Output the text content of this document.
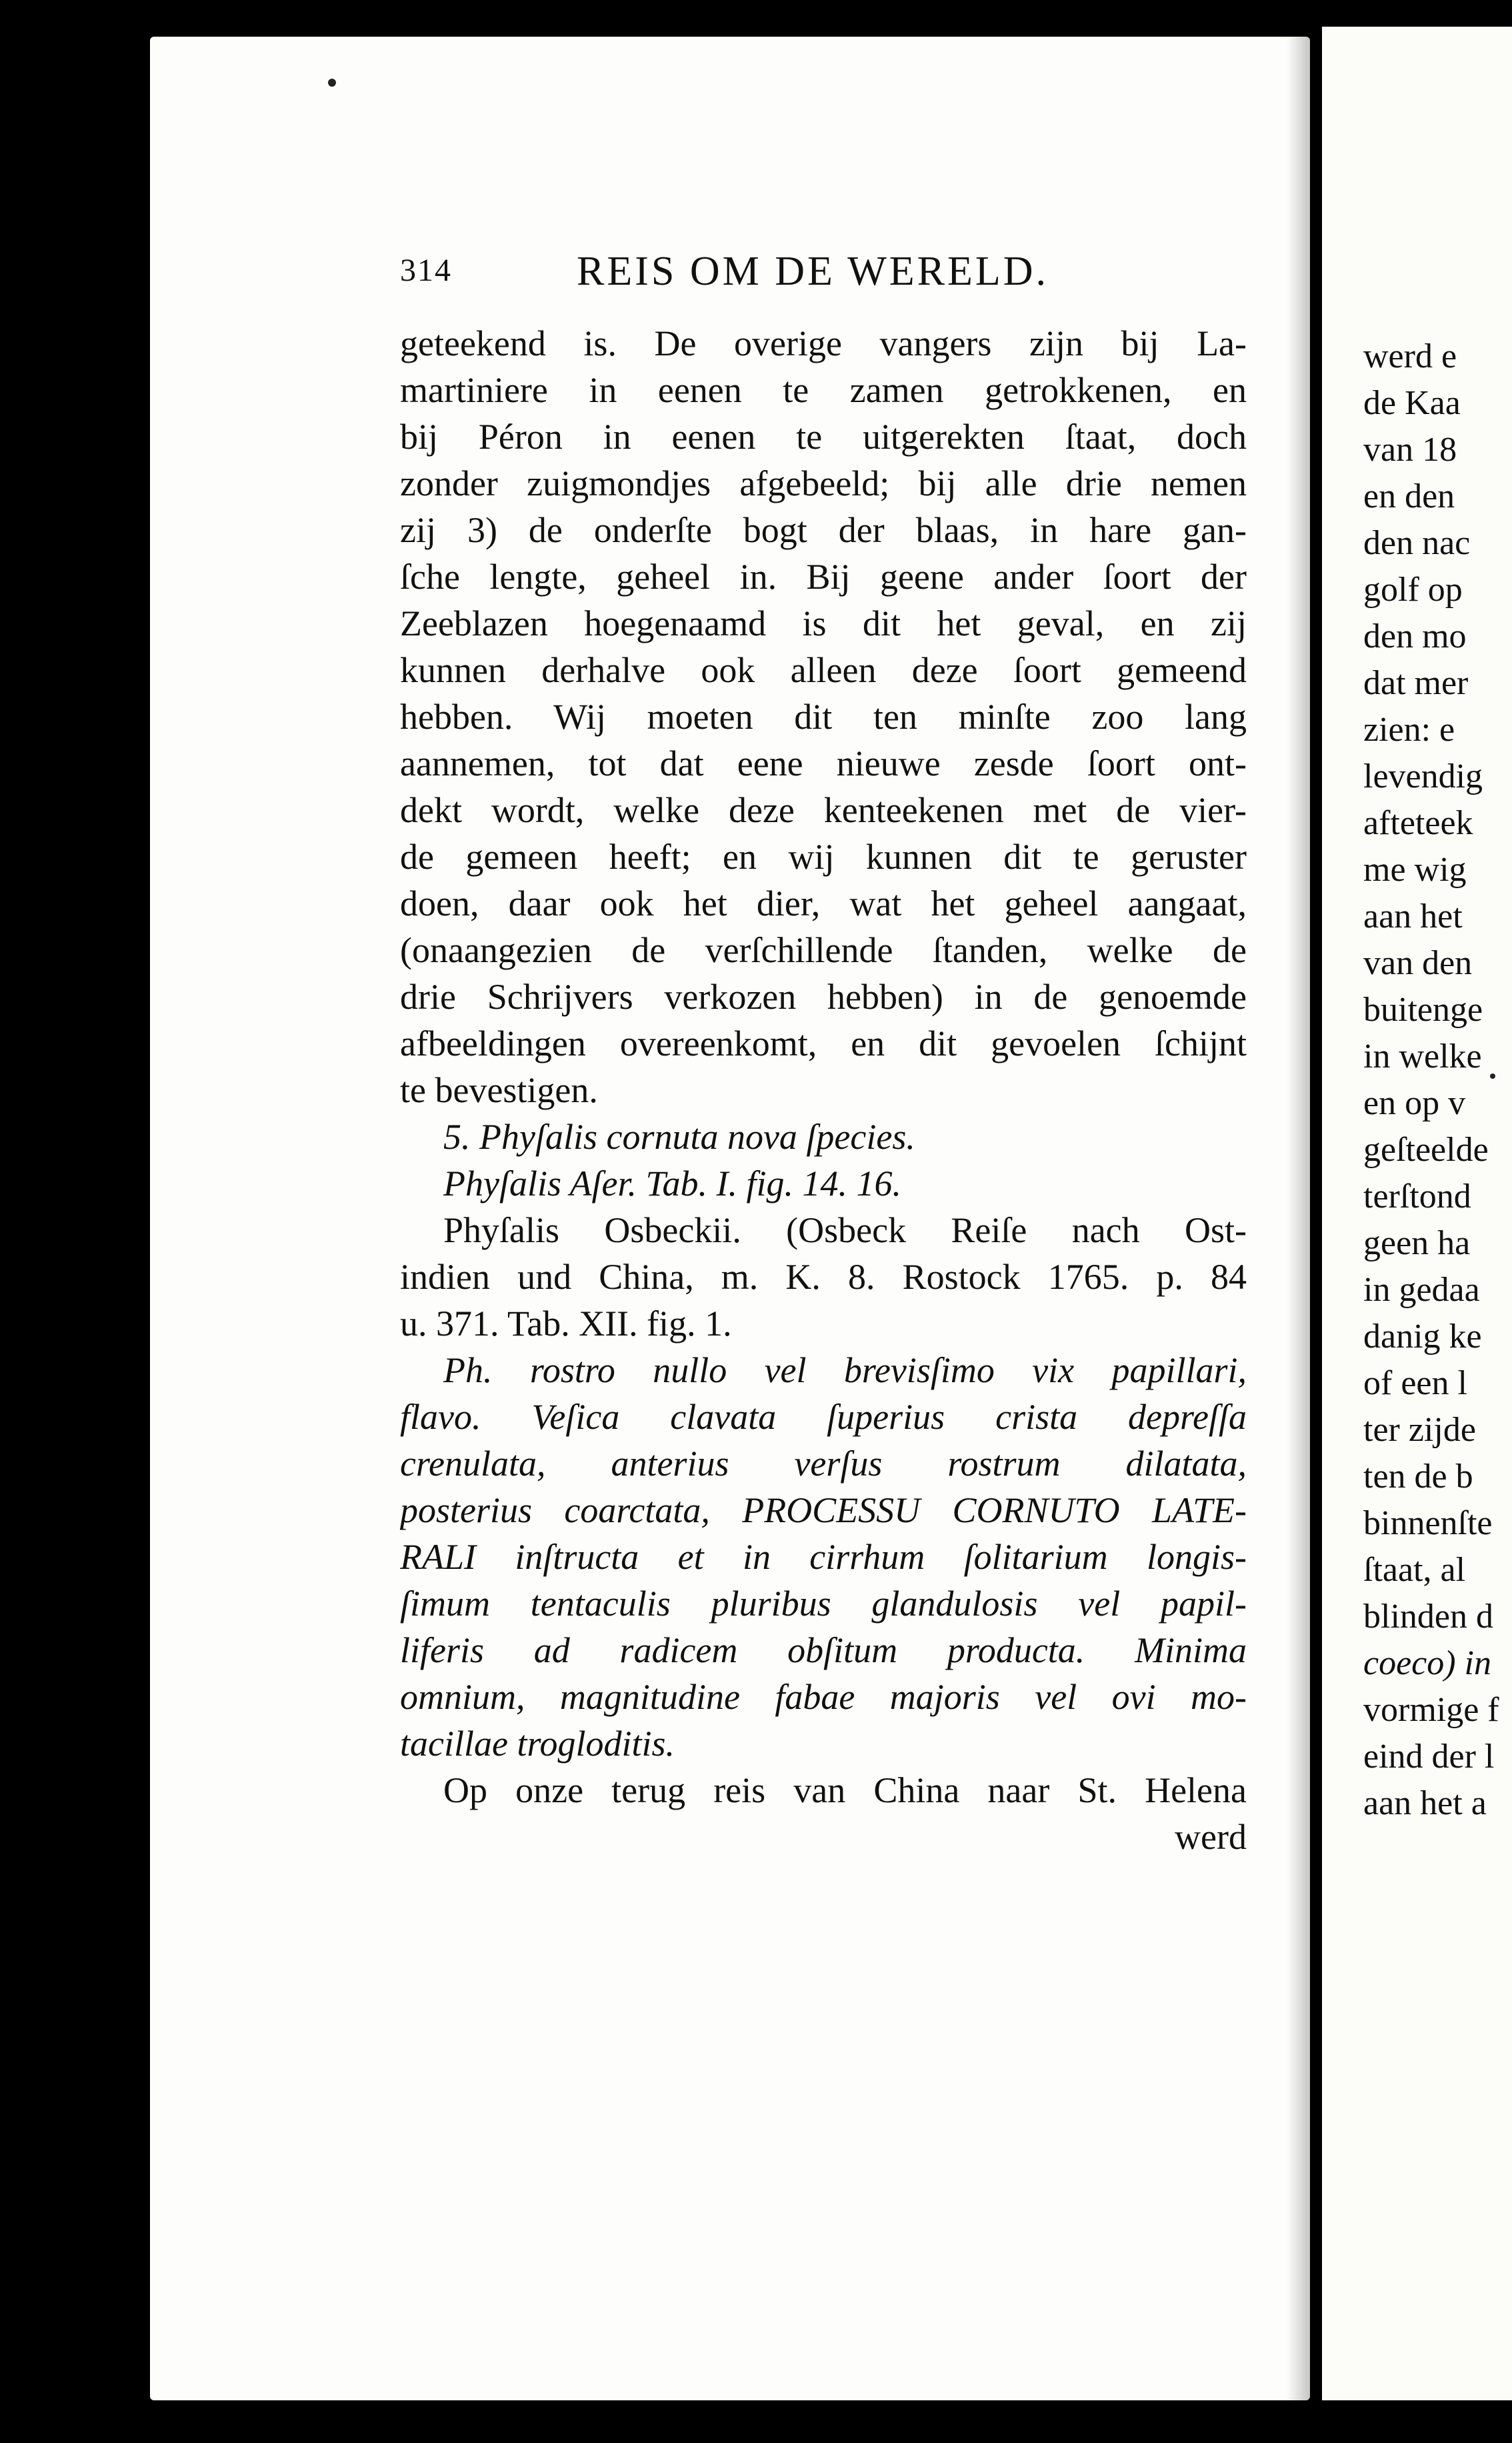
314	REIS OM DE WERELD.
geteekend is. De overige vangers zijn bij La-
martiniere in eenen te zamen getrokkenen, en
bij Péron in eenen te uitgerekten ſtaat, doch
zonder zuigmondjes afgebeeld; bij alle drie nemen
zij 3) de onderſte bogt der blaas, in hare gan-
ſche lengte, geheel in. Bij geene ander ſoort der
Zeeblazen hoegenaamd is dit het geval, en zij
kunnen derhalve ook alleen deze ſoort gemeend
hebben. Wij moeten dit ten minſte zoo lang
aannemen, tot dat eene nieuwe zesde ſoort ont-
dekt wordt, welke deze kenteekenen met de vier-
de gemeen heeft; en wij kunnen dit te geruster
doen, daar ook het dier, wat het geheel aangaat,
(onaangezien de verſchillende ſtanden, welke de
drie Schrijvers verkozen hebben) in de genoemde
afbeeldingen overeenkomt, en dit gevoelen ſchijnt
te bevestigen.
5. Phyſalis cornuta nova ſpecies.
Phyſalis Aſer. Tab. I. fig. 14. 16.
Phyſalis Osbeckii. (Osbeck Reiſe nach Ost-
indien und China, m. K. 8. Rostock 1765. p. 84
u. 371. Tab. XII. fig. 1.
Ph. rostro nullo vel brevisſimo vix papillari,
flavo. Veſica clavata ſuperius crista depreſſa
crenulata, anterius verſus rostrum dilatata,
posterius coarctata, PROCESSU CORNUTO LATE-
RALI inſtructa et in cirrhum ſolitarium longis-
ſimum tentaculis pluribus glandulosis vel papil-
liferis ad radicem obſitum producta. Minima
omnium, magnitudine fabae majoris vel ovi mo-
tacillae trogloditis.
Op onze terug reis van China naar St. Helena
werd
werd e
de Kaa
van 18
en den
den nac
golf op
den mo
dat mer
zien: e
levendig
afteteek
me wig
aan het
van den
buitenge
in welke
en op v
geſteelde
terſtond
geen ha
in gedaa
danig ke
of een l
ter zijde
ten de b
binnenſte
ſtaat, al
blinden d
coeco) in
vormige f
eind der l
aan het a
